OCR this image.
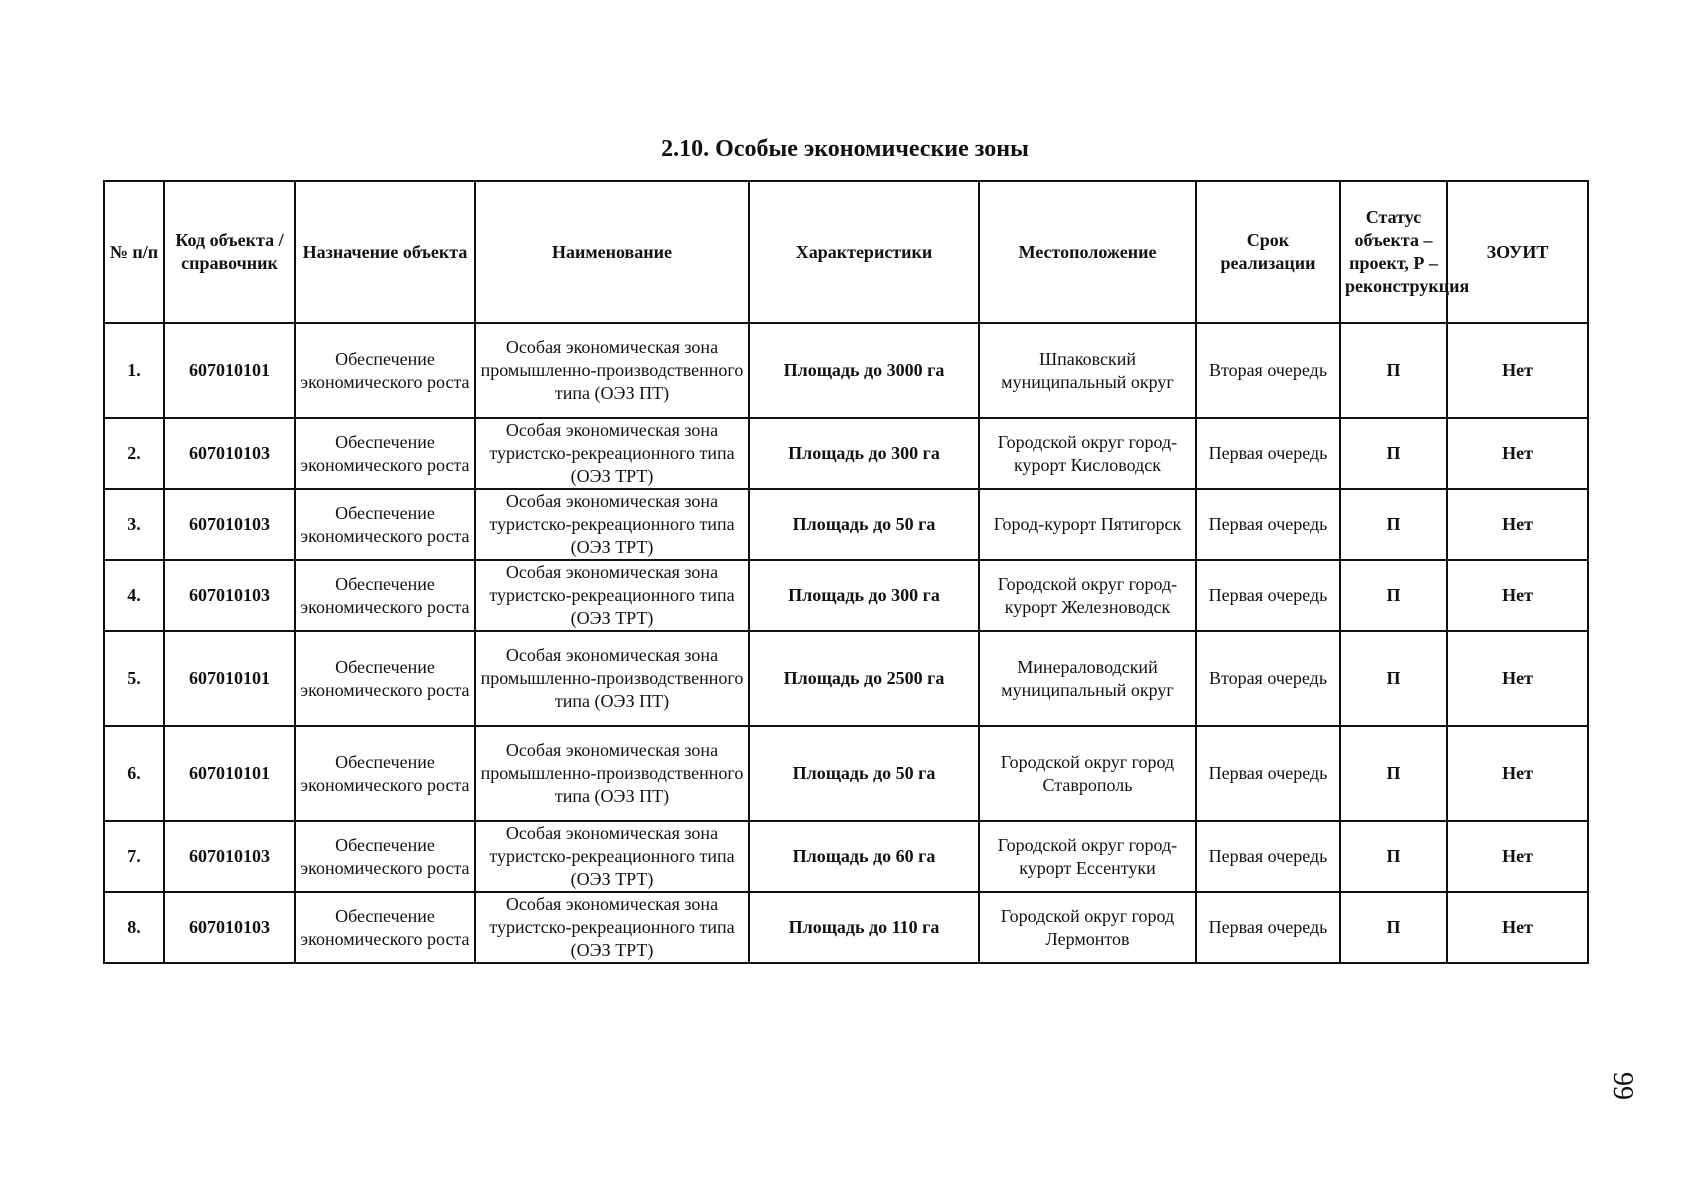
2.10. Особые экономические зоны
№ п/п	Код объекта / справочник	Назначение объекта	Наименование	Характеристики	Местоположение	Срок реализации	Статус объекта – проект, Р – реконструкция	ЗОУИТ
1.	607010101	Обеспечение экономического роста	Особая экономическая зона промышленно-производственного типа (ОЭЗ ПТ)	Площадь до 3000 га	Шпаковский муниципальный округ	Вторая очередь	П	Нет
2.	607010103	Обеспечение экономического роста	Особая экономическая зона туристско-рекреационного типа (ОЭЗ ТРТ)	Площадь до 300 га	Городской округ город-курорт Кисловодск	Первая очередь	П	Нет
3.	607010103	Обеспечение экономического роста	Особая экономическая зона туристско-рекреационного типа (ОЭЗ ТРТ)	Площадь до 50 га	Город-курорт Пятигорск	Первая очередь	П	Нет
4.	607010103	Обеспечение экономического роста	Особая экономическая зона туристско-рекреационного типа (ОЭЗ ТРТ)	Площадь до 300 га	Городской округ город-курорт Железноводск	Первая очередь	П	Нет
5.	607010101	Обеспечение экономического роста	Особая экономическая зона промышленно-производственного типа (ОЭЗ ПТ)	Площадь до 2500 га	Минераловодский муниципальный округ	Вторая очередь	П	Нет
6.	607010101	Обеспечение экономического роста	Особая экономическая зона промышленно-производственного типа (ОЭЗ ПТ)	Площадь до 50 га	Городской округ город Ставрополь	Первая очередь	П	Нет
7.	607010103	Обеспечение экономического роста	Особая экономическая зона туристско-рекреационного типа (ОЭЗ ТРТ)	Площадь до 60 га	Городской округ город-курорт Ессентуки	Первая очередь	П	Нет
8.	607010103	Обеспечение экономического роста	Особая экономическая зона туристско-рекреационного типа (ОЭЗ ТРТ)	Площадь до 110 га	Городской округ город Лермонтов	Первая очередь	П	Нет
99
